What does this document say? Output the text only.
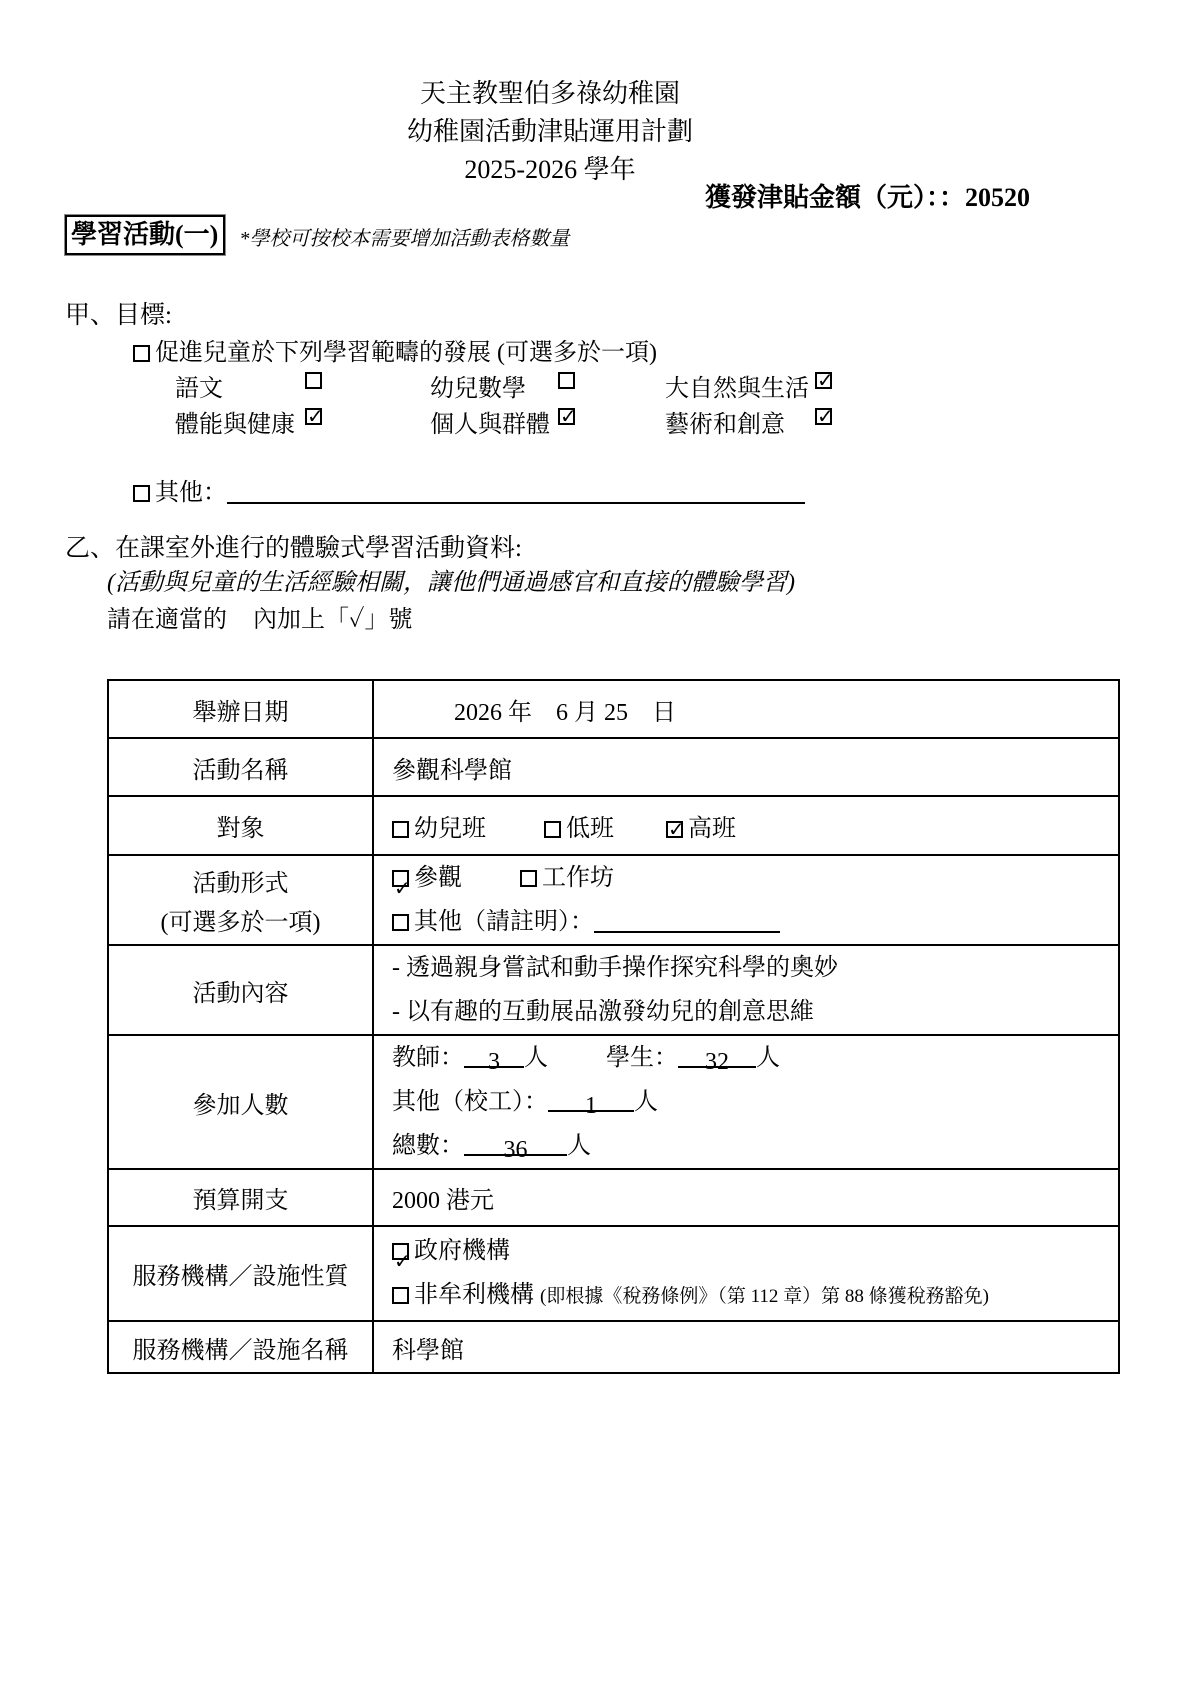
天主教聖伯多祿幼稚園
幼稚園活動津貼運用計劃
2025-2026 學年
獲發津貼金額（元）：：20520
學習活動(一)	*學校可按校本需要增加活動表格數量
甲、目標:
促進兒童於下列學習範疇的發展 (可選多於一項)
語文	幼兒數學	大自然與生活
✓
體能與健康 ✓	個人與群體 ✓	藝術和創意
✓
其他：
乙、在課室外進行的體驗式學習活動資料:
(活動與兒童的生活經驗相關，讓他們通過感官和直接的體驗學習)
請在適當的 內加上「✓」號
舉辦日期	2026 年　6 月 25　日
活動名稱	參觀科學館
對象	幼兒班 低班 ✓ 高班

活動形式
(可選多於一項)

✓參觀	工作坊
其他（請註明）：

活動內容	- 透過親身嘗試和動手操作探究科學的奧妙
- 以有趣的互動展品激發幼兒的創意思維

參加人數	教師： 3 人 學生： 32 人
其他（校工）： 1 人
總數： 36 人

預算開支	2000 港元
服務機構／設施性質	
✓政府機構
非牟利機構 (即根據《稅務條例》（第 112 章）第 88 條獲稅務豁免)

服務機構／設施名稱	科學館
